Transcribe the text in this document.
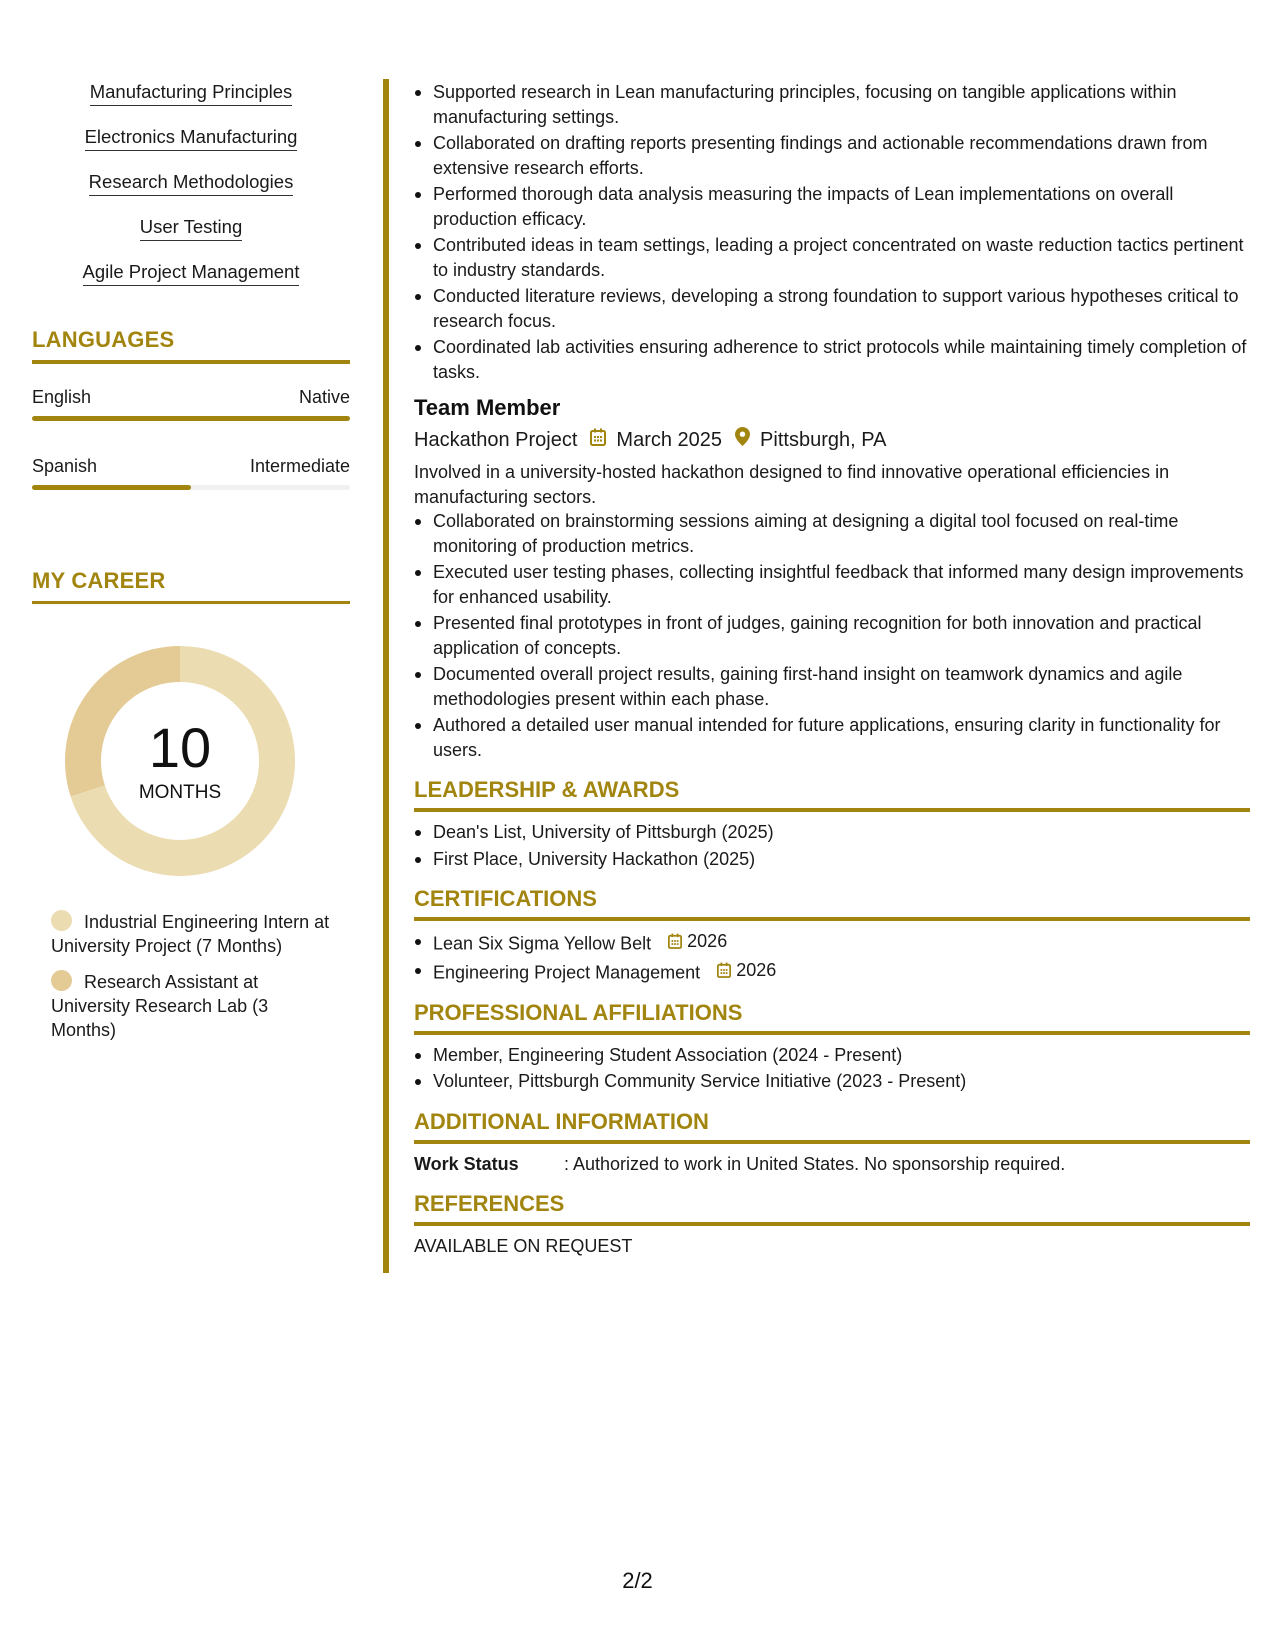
Manufacturing Principles
Electronics Manufacturing
Research Methodologies
User Testing
Agile Project Management
LANGUAGES
English	Native
Spanish	Intermediate
MY CAREER
10
MONTHS
Industrial Engineering Intern at University Project (7 Months)
Research Assistant at University Research Lab (3 Months)
Supported research in Lean manufacturing principles, focusing on tangible applications within manufacturing settings.
Collaborated on drafting reports presenting findings and actionable recommendations drawn from extensive research efforts.
Performed thorough data analysis measuring the impacts of Lean implementations on overall production efficacy.
Contributed ideas in team settings, leading a project concentrated on waste reduction tactics pertinent to industry standards.
Conducted literature reviews, developing a strong foundation to support various hypotheses critical to research focus.
Coordinated lab activities ensuring adherence to strict protocols while maintaining timely completion of tasks.
Team Member
Hackathon Project March 2025 Pittsburgh, PA
Involved in a university-hosted hackathon designed to find innovative operational efficiencies in manufacturing sectors.
Collaborated on brainstorming sessions aiming at designing a digital tool focused on real-time monitoring of production metrics.
Executed user testing phases, collecting insightful feedback that informed many design improvements for enhanced usability.
Presented final prototypes in front of judges, gaining recognition for both innovation and practical application of concepts.
Documented overall project results, gaining first-hand insight on teamwork dynamics and agile methodologies present within each phase.
Authored a detailed user manual intended for future applications, ensuring clarity in functionality for users.
LEADERSHIP & AWARDS
Dean's List, University of Pittsburgh (2025)
First Place, University Hackathon (2025)
CERTIFICATIONS
Lean Six Sigma Yellow Belt 2026
Engineering Project Management 2026
PROFESSIONAL AFFILIATIONS
Member, Engineering Student Association (2024 - Present)
Volunteer, Pittsburgh Community Service Initiative (2023 - Present)
ADDITIONAL INFORMATION
Work Status	: Authorized to work in United States. No sponsorship required.
REFERENCES
AVAILABLE ON REQUEST
2/2
